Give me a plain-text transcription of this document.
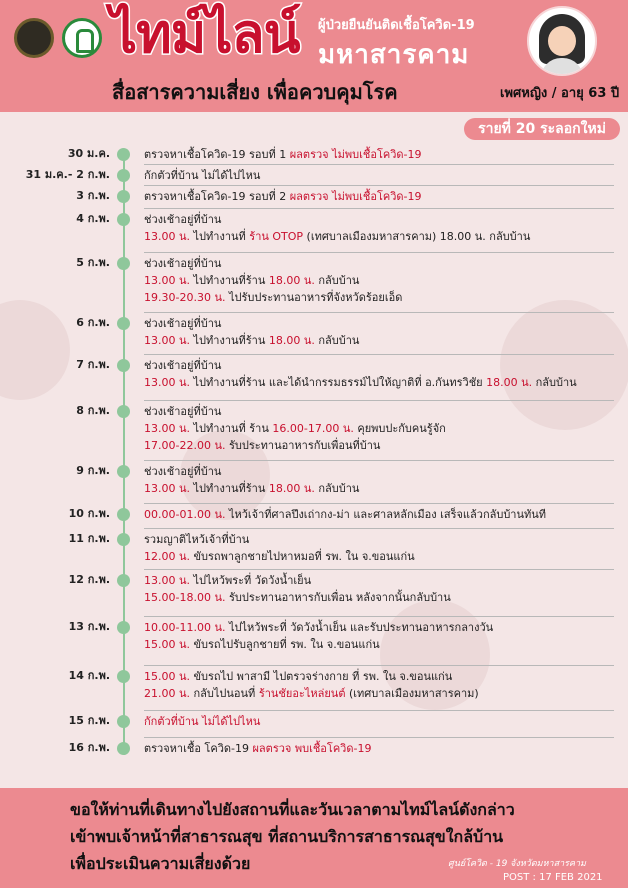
ไทม์ไลน์ ผู้ป่วยยืนยันติดเชื้อโควิด-19
มหาสารคาม
สื่อสารความเสี่ยง เพื่อควบคุมโรค	เพศหญิง / อายุ 63 ปี
รายที่ 20 ระลอกใหม่
30 ม.ค.	ตรวจหาเชื้อโควิด-19 รอบที่ 1 ผลตรวจ ไม่พบเชื้อโควิด-19
31 ม.ค.- 2 ก.พ.	กักตัวที่บ้าน ไม่ได้ไปไหน
3 ก.พ.	ตรวจหาเชื้อโควิด-19 รอบที่ 2 ผลตรวจ ไม่พบเชื้อโควิด-19
4 ก.พ.	ช่วงเช้าอยู่ที่บ้าน
13.00 น. ไปทำงานที่ ร้าน OTOP (เทศบาลเมืองมหาสารคาม) 18.00 น. กลับบ้าน
5 ก.พ.	ช่วงเช้าอยู่ที่บ้าน
13.00 น. ไปทำงานที่ร้าน 18.00 น. กลับบ้าน
19.30-20.30 น. ไปรับประทานอาหารที่จังหวัดร้อยเอ็ด
6 ก.พ.	ช่วงเช้าอยู่ที่บ้าน
13.00 น. ไปทำงานที่ร้าน 18.00 น. กลับบ้าน
7 ก.พ.	ช่วงเช้าอยู่ที่บ้าน
13.00 น. ไปทำงานที่ร้าน และได้นำกรรมธรรม์ไปให้ญาติที่ อ.กันทรวิชัย 18.00 น. กลับบ้าน
8 ก.พ.	ช่วงเช้าอยู่ที่บ้าน
13.00 น. ไปทำงานที่ ร้าน 16.00-17.00 น. คุยพบปะกับคนรู้จัก
17.00-22.00 น. รับประทานอาหารกับเพื่อนที่บ้าน
9 ก.พ.	ช่วงเช้าอยู่ที่บ้าน
13.00 น. ไปทำงานที่ร้าน 18.00 น. กลับบ้าน
10 ก.พ.	00.00-01.00 น. ไหว้เจ้าที่ศาลปึงเถ่ากง-ม่า และศาลหลักเมือง เสร็จแล้วกลับบ้านทันที
11 ก.พ.	รวมญาติไหว้เจ้าที่บ้าน
12.00 น. ขับรถพาลูกชายไปหาหมอที่ รพ. ใน จ.ขอนแก่น
12 ก.พ.	13.00 น. ไปไหว้พระที่ วัดวังน้ำเย็น
15.00-18.00 น. รับประทานอาหารกับเพื่อน หลังจากนั้นกลับบ้าน
13 ก.พ.	10.00-11.00 น. ไปไหว้พระที่ วัดวังน้ำเย็น และรับประทานอาหารกลางวัน
15.00 น. ขับรถไปรับลูกชายที่ รพ. ใน จ.ขอนแก่น
14 ก.พ.	15.00 น. ขับรถไป พาสามี ไปตรวจร่างกาย ที่ รพ. ใน จ.ขอนแก่น
21.00 น. กลับไปนอนที่ ร้านชัยอะไหล่ยนต์ (เทศบาลเมืองมหาสารคาม)
15 ก.พ.	กักตัวที่บ้าน ไม่ได้ไปไหน
16 ก.พ.	ตรวจหาเชื้อ โควิด-19 ผลตรวจ พบเชื้อโควิด-19
ขอให้ท่านที่เดินทางไปยังสถานที่และวันเวลาตามไทม์ไลน์ดังกล่าว
เข้าพบเจ้าหน้าที่สาธารณสุข ที่สถานบริการสาธารณสุขใกล้บ้าน
เพื่อประเมินความเสี่ยงด้วย	ศูนย์โควิด - 19 จังหวัดมหาสารคาม
POST : 17 FEB 2021
